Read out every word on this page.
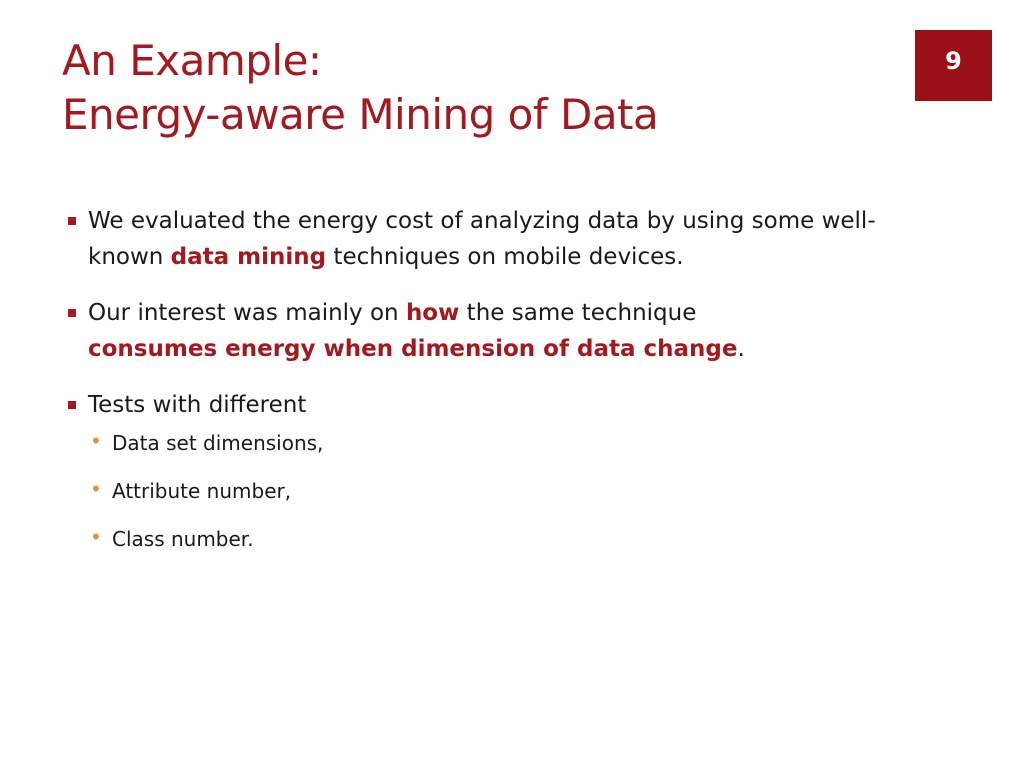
An Example:
Energy-aware Mining of Data
9
We evaluated the energy cost of analyzing data by using some well-known data mining techniques on mobile devices.
Our interest was mainly on how the same technique
consumes energy when dimension of data change.
Tests with different
• Data set dimensions,
• Attribute number,
• Class number.
